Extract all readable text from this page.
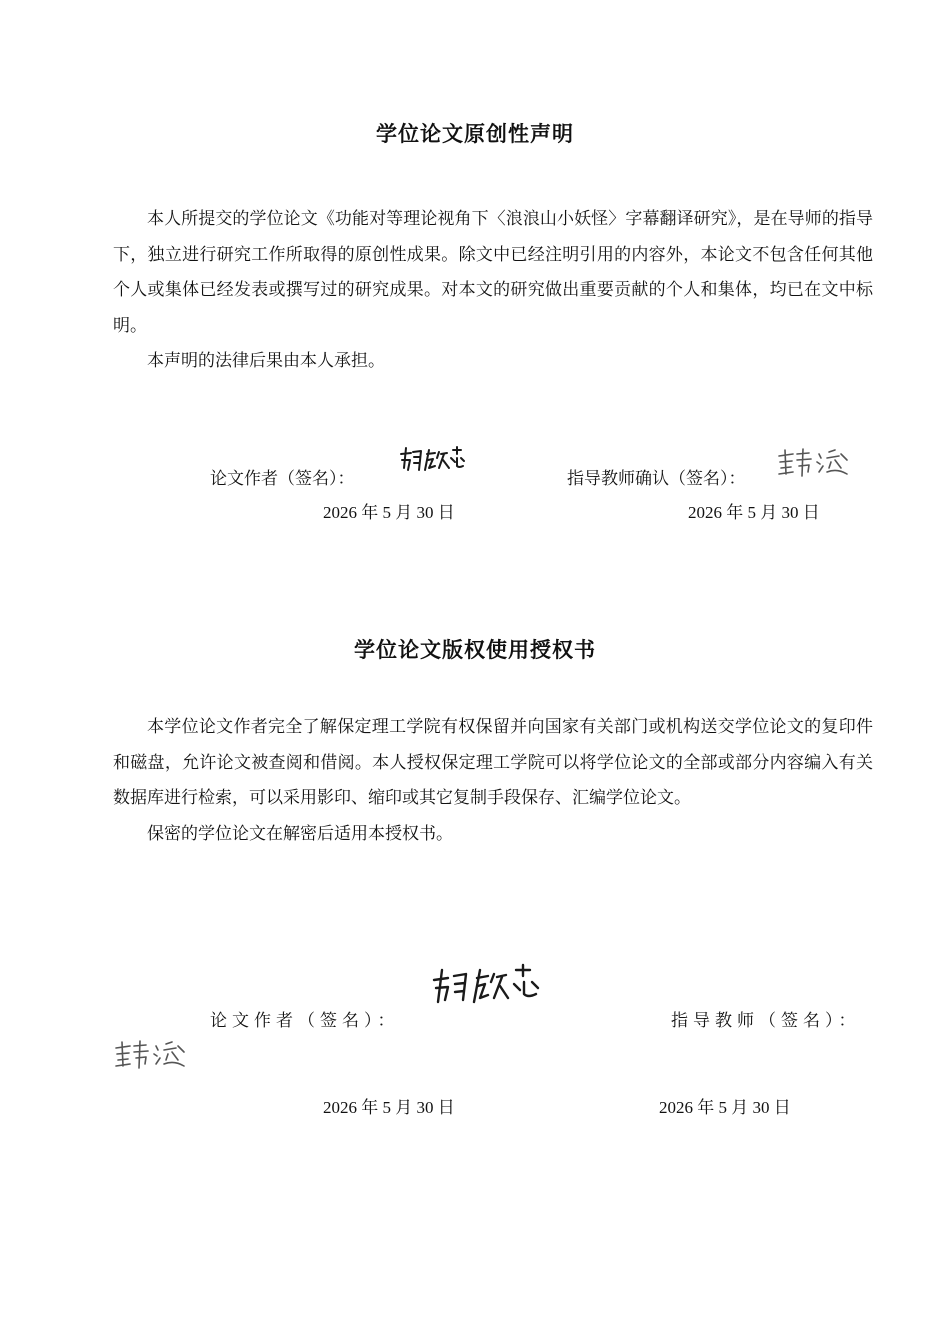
学位论文原创性声明

本人所提交的学位论文《功能对等理论视角下〈浪浪山小妖怪〉字幕翻译研究》，是在导师的指导下，独立进行研究工作所取得的原创性成果。除文中已经注明引用的内容外，本论文不包含任何其他个人或集体已经发表或撰写过的研究成果。对本文的研究做出重要贡献的个人和集体，均已在文中标明。

本声明的法律后果由本人承担。

论文作者（签名）：	指导教师确认（签名）：
2026 年 5 月 30 日	2026 年 5 月 30 日
学位论文版权使用授权书

本学位论文作者完全了解保定理工学院有权保留并向国家有关部门或机构送交学位论文的复印件和磁盘，允许论文被查阅和借阅。本人授权保定理工学院可以将学位论文的全部或部分内容编入有关数据库进行检索，可以采用影印、缩印或其它复制手段保存、汇编学位论文。

保密的学位论文在解密后适用本授权书。

论文作者（签名）：	指导教师（签名）：
2026 年 5 月 30 日	2026 年 5 月 30 日
